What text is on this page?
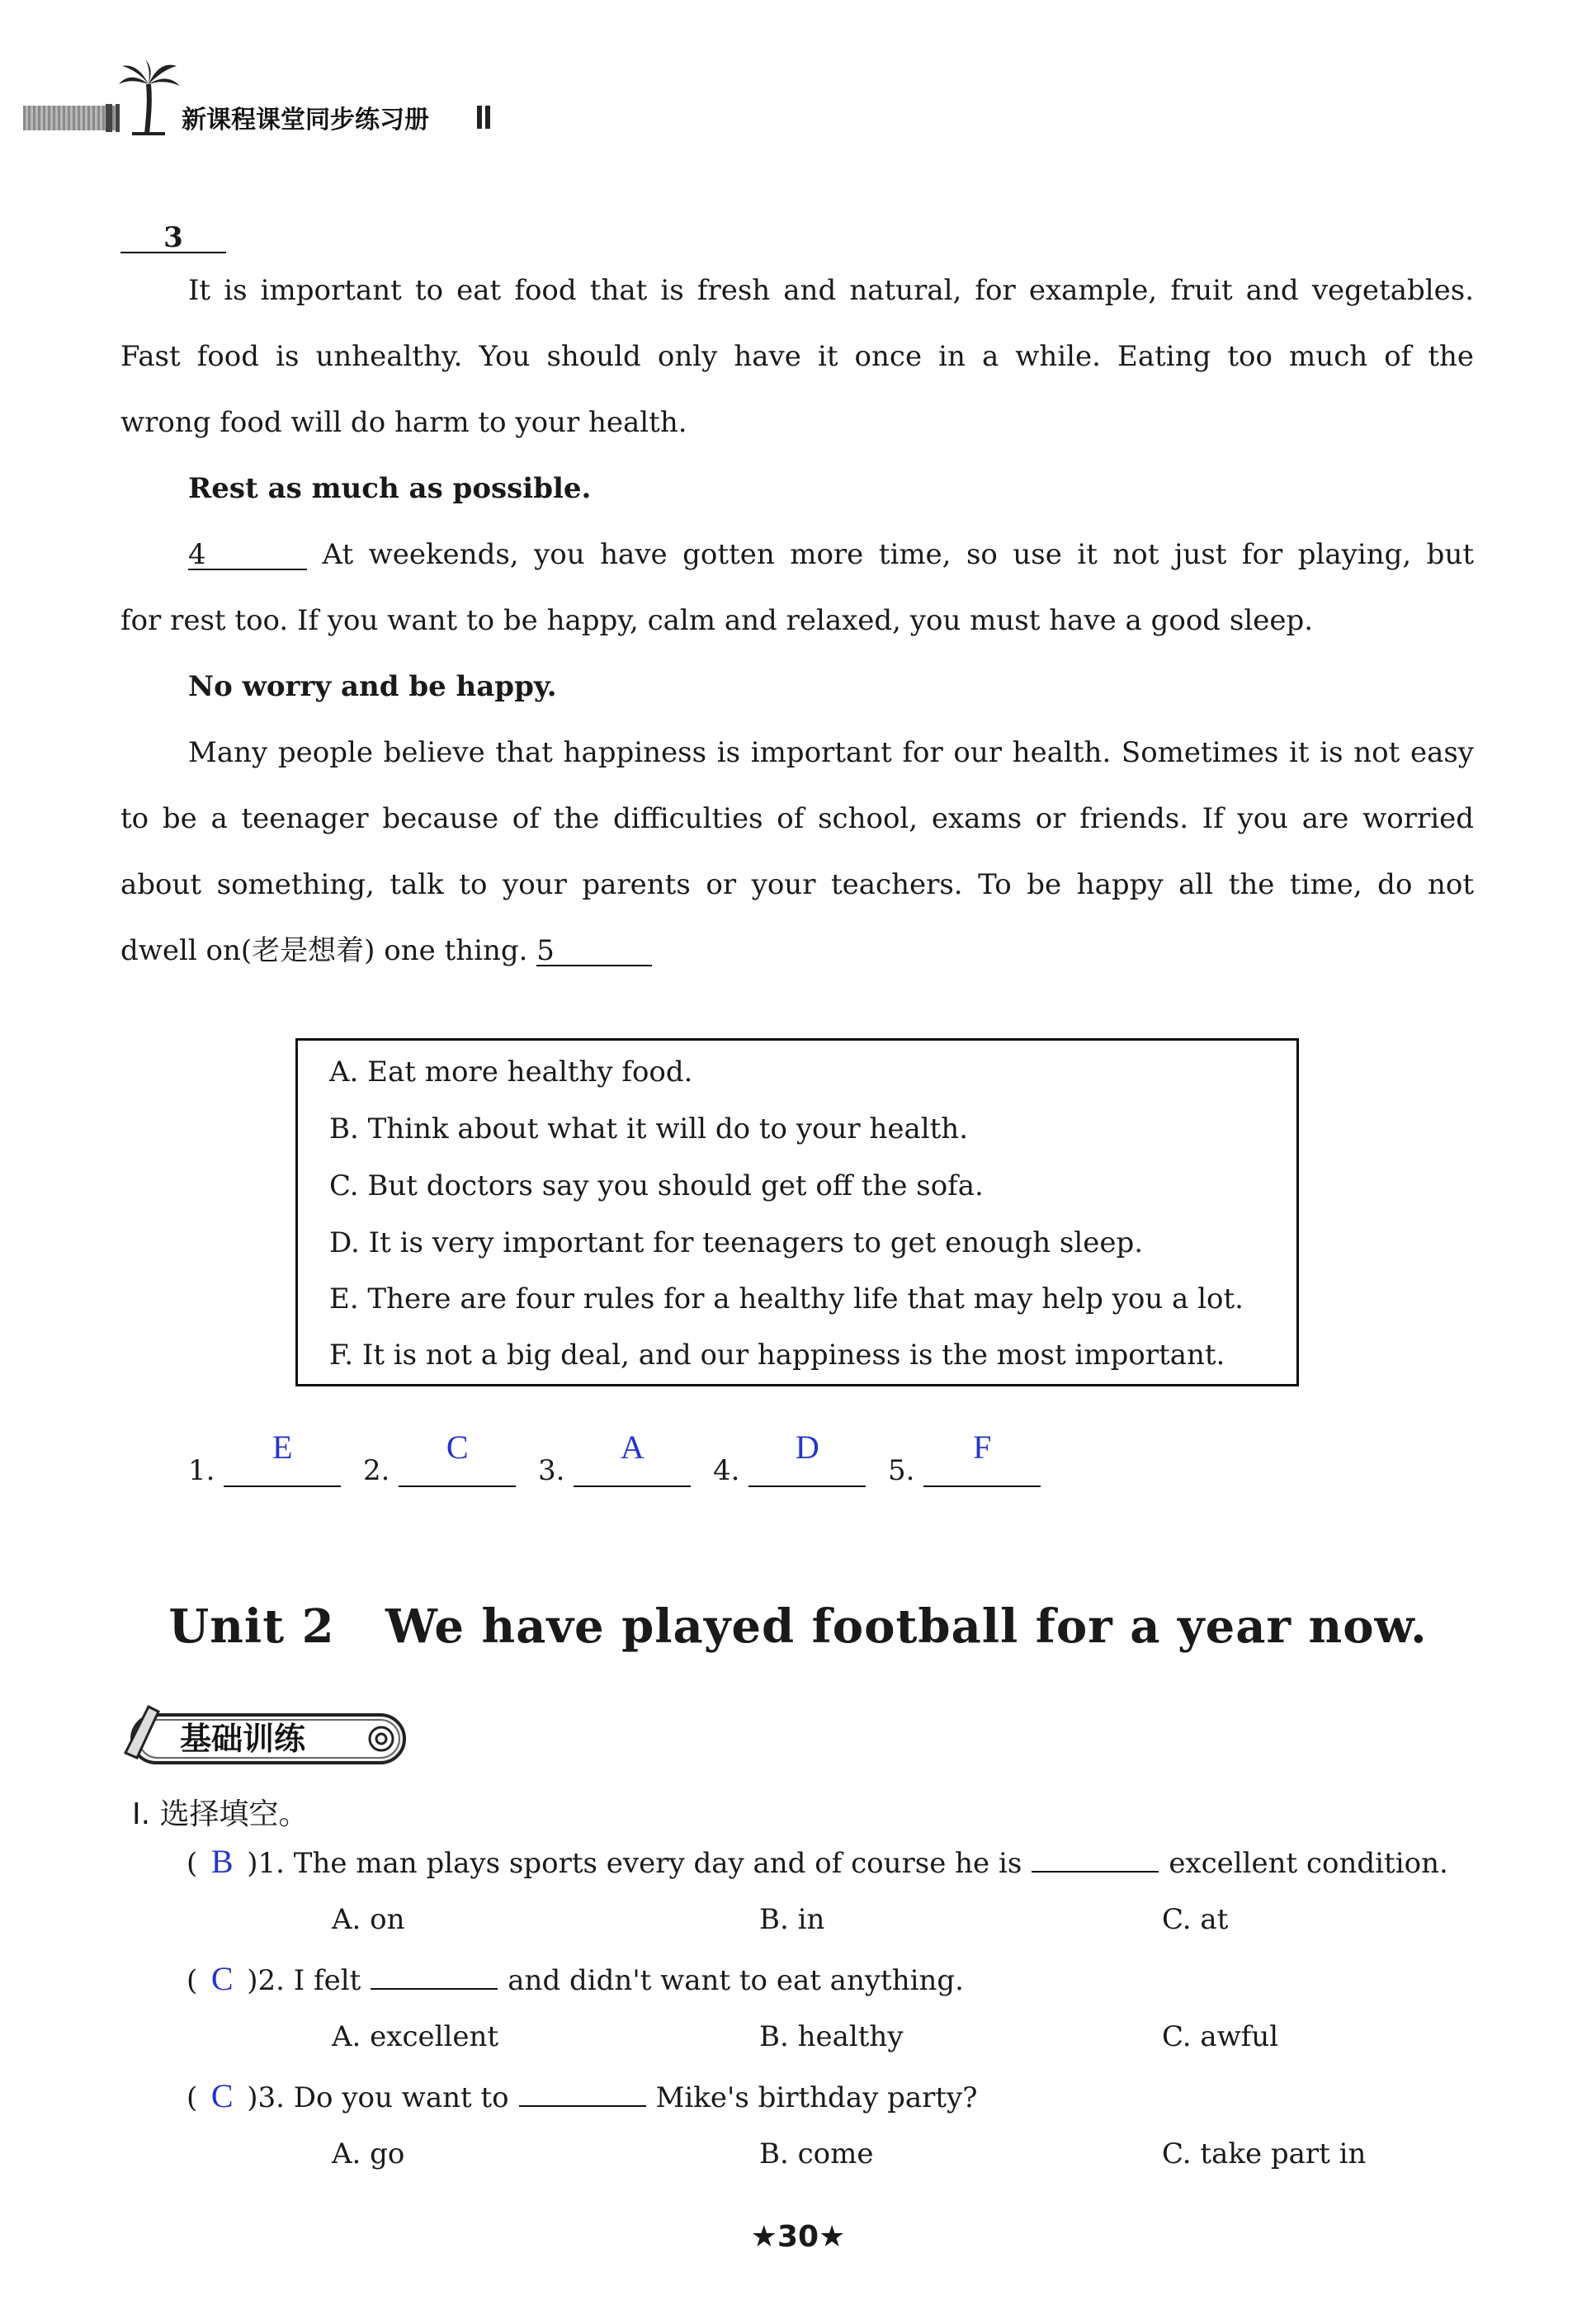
新课程课堂同步练习册
3
It is important to eat food that is fresh and natural, for example, fruit and vegetables.
Fast food is unhealthy. You should only have it once in a while. Eating too much of the
wrong food will do harm to your health.
Rest as much as possible.
4	At weekends, you have gotten more time, so use it not just for playing, but
for rest too. If you want to be happy, calm and relaxed, you must have a good sleep.
No worry and be happy.
Many people believe that happiness is important for our health. Sometimes it is not easy
to be a teenager because of the difficulties of school, exams or friends. If you are worried
about something, talk to your parents or your teachers. To be happy all the time, do not
dwell on(老是想着) one thing. 5
A. Eat more healthy food.
B. Think about what it will do to your health.
C. But doctors say you should get off the sofa.
D. It is very important for teenagers to get enough sleep.
E. There are four rules for a healthy life that may help you a lot.
F. It is not a big deal, and our happiness is the most important.
1.
E
2.
C
3.
A
4.
D
5.
F
Unit 2   We have played football for a year now.
基础训练
Ⅰ. 选择填空。
( B )1. The man plays sports every day and of course he is	excellent condition.
A. on	B. in	C. at
( C )2. I felt	and didn't want to eat anything.
A. excellent	B. healthy	C. awful
( C )3. Do you want to	Mike's birthday party?
A. go	B. come	C. take part in
★30★
